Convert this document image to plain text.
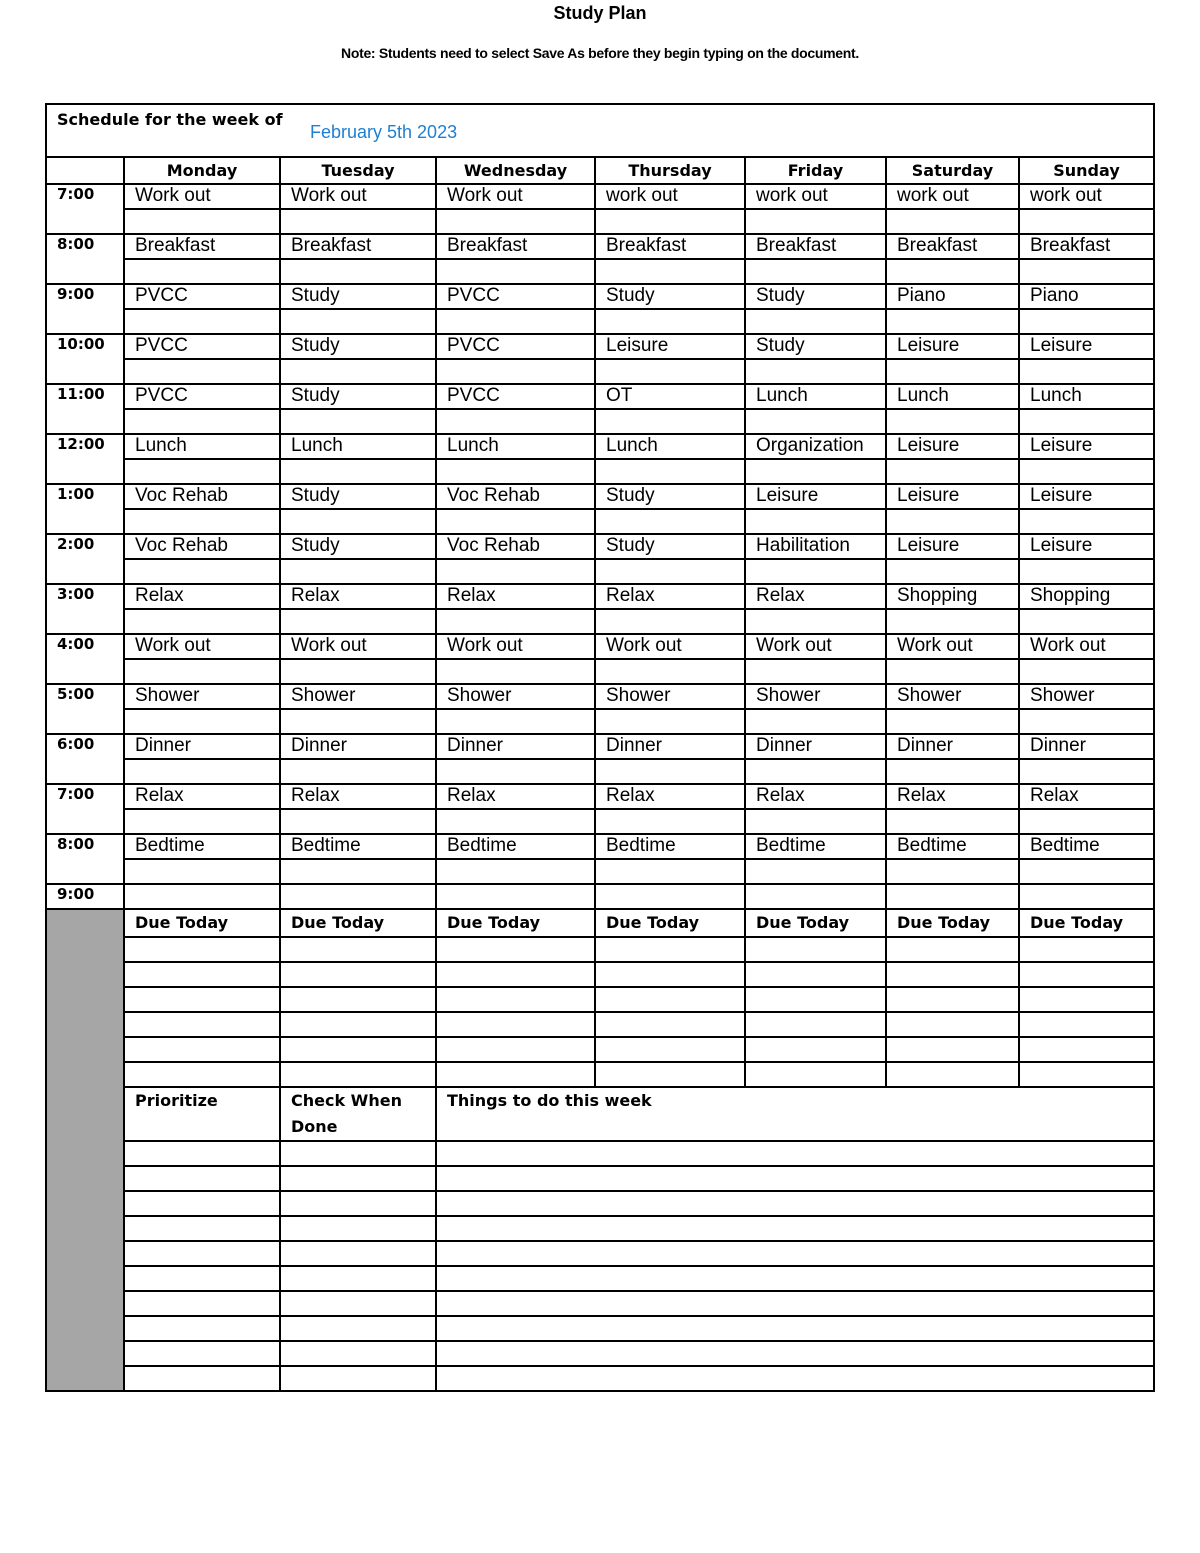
Study Plan
Note: Students need to select Save As before they begin typing on the document.
Schedule for the week of
February 5th 2023							

	Monday	Tuesday	Wednesday	Thursday	Friday	Saturday	Sunday
7:00	Work out	Work out	Work out	work out	work out	work out	work out

8:00	Breakfast	Breakfast	Breakfast	Breakfast	Breakfast	Breakfast	Breakfast

9:00	PVCC	Study	PVCC	Study	Study	Piano	Piano

10:00	PVCC	Study	PVCC	Leisure	Study	Leisure	Leisure

11:00	PVCC	Study	PVCC	OT	Lunch	Lunch	Lunch

12:00	Lunch	Lunch	Lunch	Lunch	Organization	Leisure	Leisure

1:00	Voc Rehab	Study	Voc Rehab	Study	Leisure	Leisure	Leisure

2:00	Voc Rehab	Study	Voc Rehab	Study	Habilitation	Leisure	Leisure

3:00	Relax	Relax	Relax	Relax	Relax	Shopping	Shopping

4:00	Work out	Work out	Work out	Work out	Work out	Work out	Work out

5:00	Shower	Shower	Shower	Shower	Shower	Shower	Shower

6:00	Dinner	Dinner	Dinner	Dinner	Dinner	Dinner	Dinner

7:00	Relax	Relax	Relax	Relax	Relax	Relax	Relax

8:00	Bedtime	Bedtime	Bedtime	Bedtime	Bedtime	Bedtime	Bedtime

9:00							
	Due Today	Due Today	Due Today	Due Today	Due Today	Due Today	Due Today

	Prioritize	Check When Done	Things to do this week				
